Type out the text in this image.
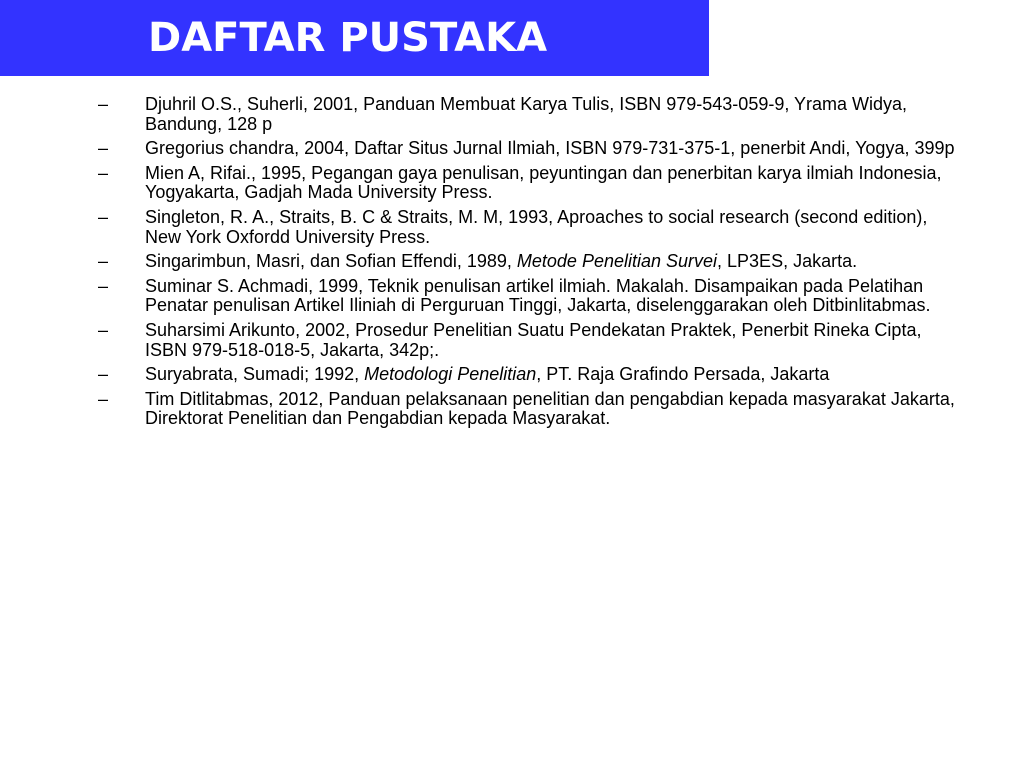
DAFTAR PUSTAKA
– Djuhril O.S., Suherli, 2001, Panduan Membuat Karya Tulis, ISBN 979-543-059-9, Yrama Widya, Bandung, 128 p
– Gregorius chandra, 2004, Daftar Situs Jurnal Ilmiah, ISBN 979-731-375-1, penerbit Andi, Yogya, 399p
– Mien A, Rifai., 1995, Pegangan gaya penulisan, peyuntingan dan penerbitan karya ilmiah Indonesia, Yogyakarta, Gadjah Mada University Press.
– Singleton, R. A., Straits, B. C & Straits, M. M, 1993, Aproaches to social research (second edition), New York Oxfordd University Press.
– Singarimbun, Masri, dan Sofian Effendi, 1989, Metode Penelitian Survei, LP3ES, Jakarta.
– Suminar S. Achmadi, 1999, Teknik penulisan artikel ilmiah. Makalah. Disampaikan pada Pelatihan Penatar penulisan Artikel Iliniah di Perguruan Tinggi, Jakarta, diselenggarakan oleh Ditbinlitabmas.
– Suharsimi Arikunto, 2002, Prosedur Penelitian Suatu Pendekatan Praktek, Penerbit Rineka Cipta, ISBN 979-518-018-5, Jakarta, 342p;.
– Suryabrata, Sumadi; 1992, Metodologi Penelitian, PT. Raja Grafindo Persada, Jakarta
– Tim Ditlitabmas, 2012, Panduan pelaksanaan penelitian dan pengabdian kepada masyarakat Jakarta, Direktorat Penelitian dan Pengabdian kepada Masyarakat.
